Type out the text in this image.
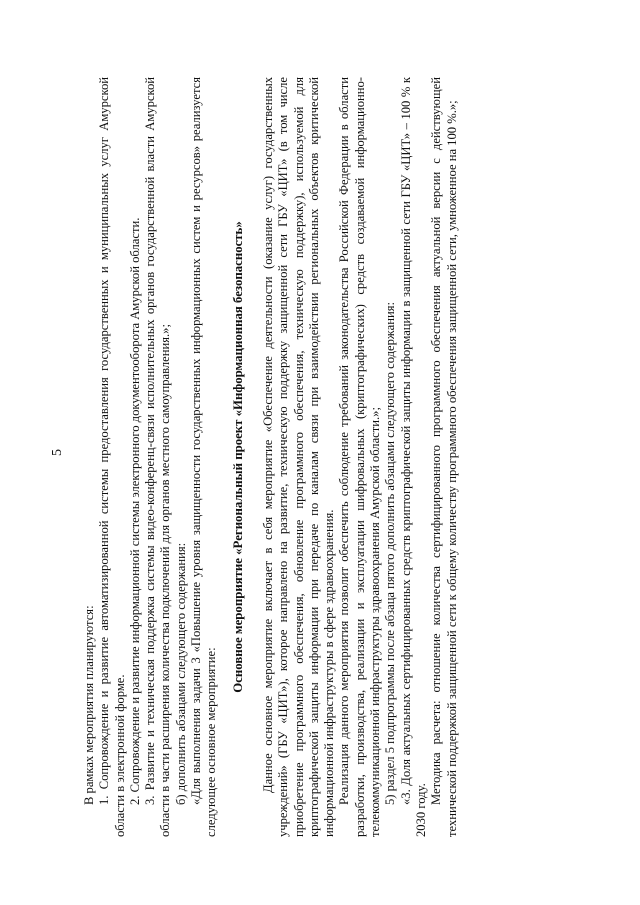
5

В рамках мероприятия планируются: 1. Сопровождение и развитие автоматизированной системы предоставления государственных и муниципальных услуг Амурской области в электронной форме. 2. Сопровождение и развитие информационной системы электронного документооборота Амурской области. 3. Развитие и техническая поддержка системы видео-конференц-связи исполнительных органов государственной власти Амурской области в части расширения количества подключений для органов местного самоуправления.»; б) дополнить абзацами следующего содержания: «Для выполнения задачи 3 «Повышение уровня защищенности государственных информационных систем и ресурсов» реализуется следующее основное мероприятие:

Основное мероприятие «Региональный проект «Информационная безопасность» Данное основное мероприятие включает в себя мероприятие «Обеспечение деятельности (оказание услуг) государственных учреждений» (ГБУ «ЦИТ»), которое направлено на развитие, техническую поддержку защищенной сети ГБУ «ЦИТ» (в том числе приобретение программного обеспечения, обновление программного обеспечения, техническую поддержку), используемой для криптографической защиты информации при передаче по каналам связи при взаимодействии региональных объектов критической информационной инфраструктуры в сфере здравоохранения. Реализация данного мероприятия позволит обеспечить соблюдение требований законодательства Российской Федерации в области разработки, производства, реализации и эксплуатации шифровальных (криптографических) средств создаваемой информационно-телекоммуникационной инфраструктуры здравоохранения Амурской области.»; 5) раздел 5 подпрограммы после абзаца пятого дополнить абзацами следующего содержания: «3. Доля актуальных сертифицированных средств криптографической защиты информации в защищенной сети ГБУ «ЦИТ» – 100 % к 2030 году.

Методика расчета: отношение количества сертифицированного программного обеспечения актуальной версии с действующей технической поддержкой защищенной сети к общему количеству программного обеспечения защищенной сети, умноженное на 100 %.»;
